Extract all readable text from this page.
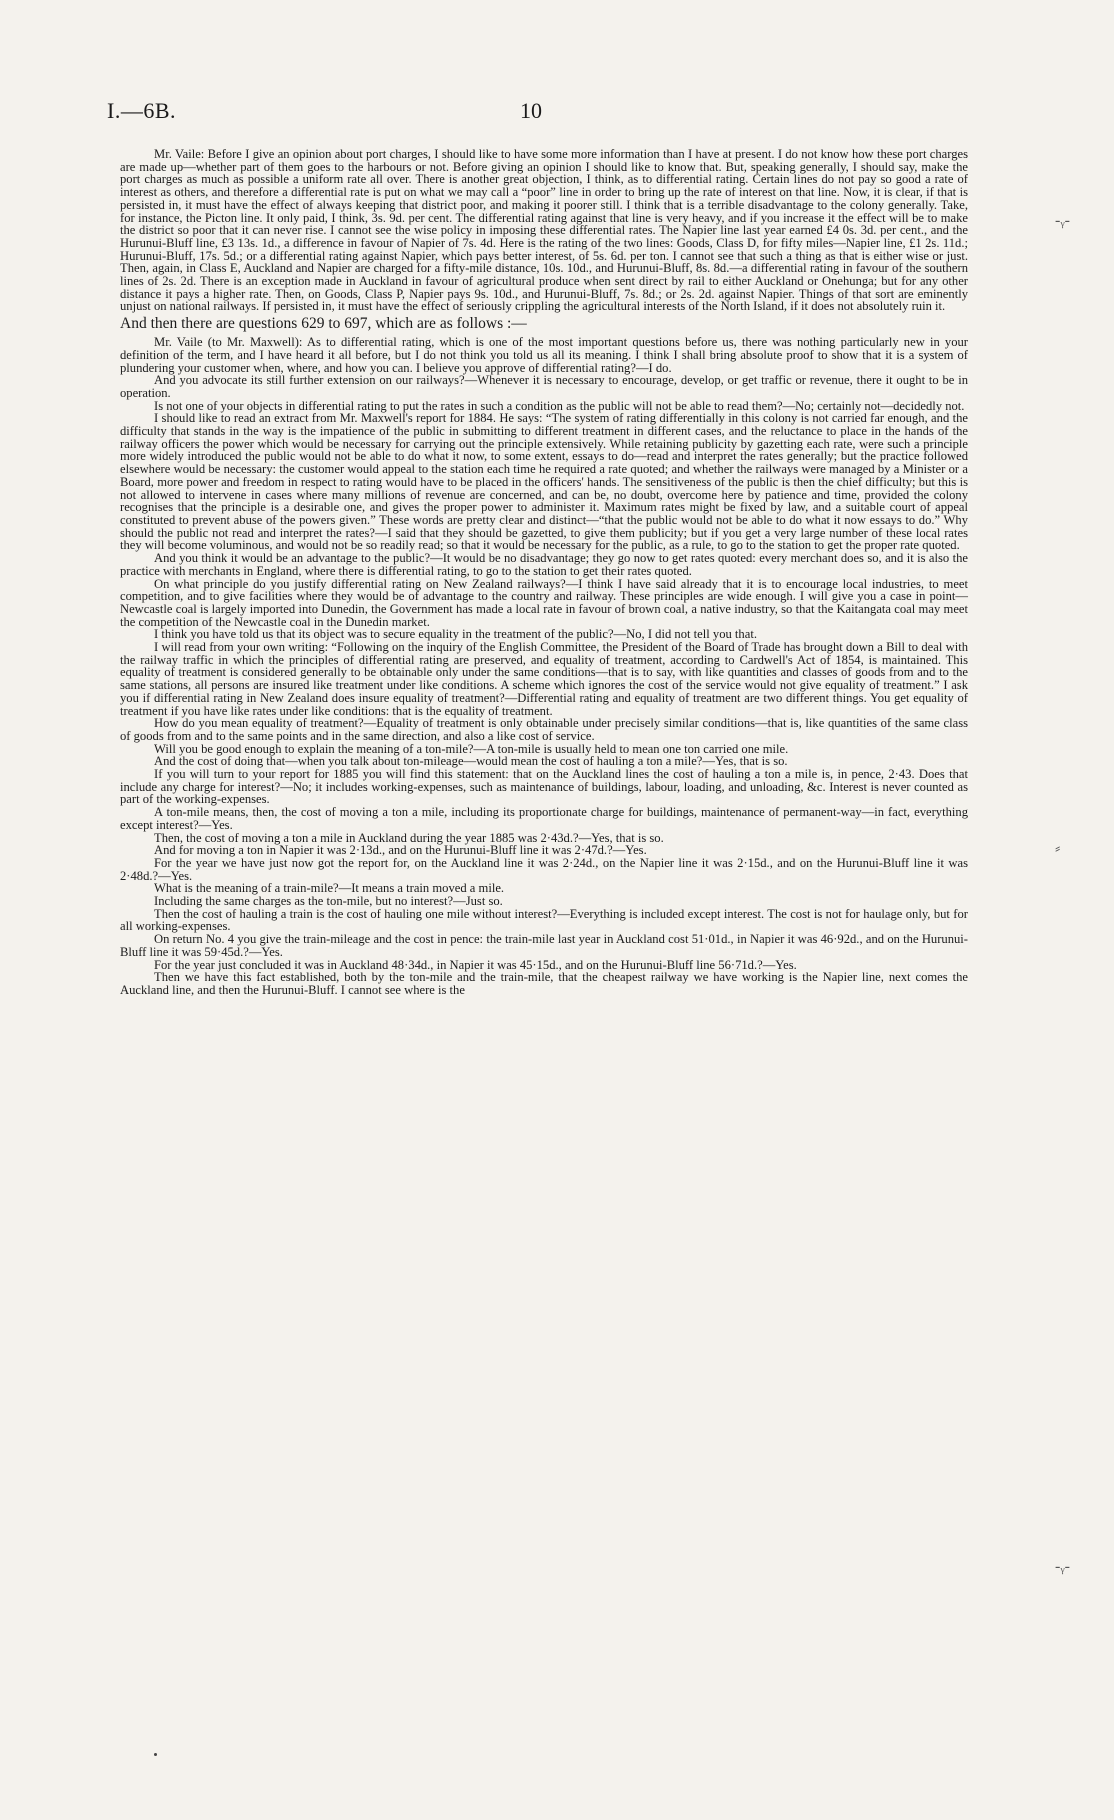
I.—6B.	10

Mr. Vaile: Before I give an opinion about port charges, I should like to have some more information than I have at present. I do not know how these port charges are made up—whether part of them goes to the harbours or not. Before giving an opinion I should like to know that. But, speaking generally, I should say, make the port charges as much as possible a uniform rate all over. There is another great objection, I think, as to differential rating. Certain lines do not pay so good a rate of interest as others, and therefore a differential rate is put on what we may call a “poor” line in order to bring up the rate of interest on that line. Now, it is clear, if that is persisted in, it must have the effect of always keeping that district poor, and making it poorer still. I think that is a terrible disadvantage to the colony generally. Take, for instance, the Picton line. It only paid, I think, 3s. 9d. per cent. The differential rating against that line is very heavy, and if you increase it the effect will be to make the district so poor that it can never rise. I cannot see the wise policy in imposing these differential rates. The Napier line last year earned £4 0s. 3d. per cent., and the Hurunui-Bluff line, £3 13s. 1d., a difference in favour of Napier of 7s. 4d. Here is the rating of the two lines: Goods, Class D, for fifty miles—Napier line, £1 2s. 11d.; Hurunui-Bluff, 17s. 5d.; or a differential rating against Napier, which pays better interest, of 5s. 6d. per ton. I cannot see that such a thing as that is either wise or just. Then, again, in Class E, Auckland and Napier are charged for a fifty-mile distance, 10s. 10d., and Hurunui-Bluff, 8s. 8d.—a differential rating in favour of the southern lines of 2s. 2d. There is an exception made in Auckland in favour of agricultural produce when sent direct by rail to either Auckland or Onehunga; but for any other distance it pays a higher rate. Then, on Goods, Class P, Napier pays 9s. 10d., and Hurunui-Bluff, 7s. 8d.; or 2s. 2d. against Napier. Things of that sort are eminently unjust on national railways. If persisted in, it must have the effect of seriously crippling the agricultural interests of the North Island, if it does not absolutely ruin it.

And then there are questions 629 to 697, which are as follows :—

Mr. Vaile (to Mr. Maxwell): As to differential rating, which is one of the most important questions before us, there was nothing particularly new in your definition of the term, and I have heard it all before, but I do not think you told us all its meaning. I think I shall bring absolute proof to show that it is a system of plundering your customer when, where, and how you can. I believe you approve of differential rating?—I do.

And you advocate its still further extension on our railways?—Whenever it is necessary to encourage, develop, or get traffic or revenue, there it ought to be in operation.

Is not one of your objects in differential rating to put the rates in such a condition as the public will not be able to read them?—No; certainly not—decidedly not.

I should like to read an extract from Mr. Maxwell's report for 1884. He says: “The system of rating differentially in this colony is not carried far enough, and the difficulty that stands in the way is the impatience of the public in submitting to different treatment in different cases, and the reluctance to place in the hands of the railway officers the power which would be necessary for carrying out the principle extensively. While retaining publicity by gazetting each rate, were such a principle more widely introduced the public would not be able to do what it now, to some extent, essays to do—read and interpret the rates generally; but the practice followed elsewhere would be necessary: the customer would appeal to the station each time he required a rate quoted; and whether the railways were managed by a Minister or a Board, more power and freedom in respect to rating would have to be placed in the officers' hands. The sensitiveness of the public is then the chief difficulty; but this is not allowed to intervene in cases where many millions of revenue are concerned, and can be, no doubt, overcome here by patience and time, provided the colony recognises that the principle is a desirable one, and gives the proper power to administer it. Maximum rates might be fixed by law, and a suitable court of appeal constituted to prevent abuse of the powers given.” These words are pretty clear and distinct—“that the public would not be able to do what it now essays to do.” Why should the public not read and interpret the rates?—I said that they should be gazetted, to give them publicity; but if you get a very large number of these local rates they will become voluminous, and would not be so readily read; so that it would be necessary for the public, as a rule, to go to the station to get the proper rate quoted.

And you think it would be an advantage to the public?—It would be no disadvantage; they go now to get rates quoted: every merchant does so, and it is also the practice with merchants in England, where there is differential rating, to go to the station to get their rates quoted.

On what principle do you justify differential rating on New Zealand railways?—I think I have said already that it is to encourage local industries, to meet competition, and to give facilities where they would be of advantage to the country and railway. These principles are wide enough. I will give you a case in point—Newcastle coal is largely imported into Dunedin, the Government has made a local rate in favour of brown coal, a native industry, so that the Kaitangata coal may meet the competition of the Newcastle coal in the Dunedin market.

I think you have told us that its object was to secure equality in the treatment of the public?—No, I did not tell you that.

I will read from your own writing: “Following on the inquiry of the English Committee, the President of the Board of Trade has brought down a Bill to deal with the railway traffic in which the principles of differential rating are preserved, and equality of treatment, according to Cardwell's Act of 1854, is maintained. This equality of treatment is considered generally to be obtainable only under the same conditions—that is to say, with like quantities and classes of goods from and to the same stations, all persons are insured like treatment under like conditions. A scheme which ignores the cost of the service would not give equality of treatment.” I ask you if differential rating in New Zealand does insure equality of treatment?—Differential rating and equality of treatment are two different things. You get equality of treatment if you have like rates under like conditions: that is the equality of treatment.

How do you mean equality of treatment?—Equality of treatment is only obtainable under precisely similar conditions—that is, like quantities of the same class of goods from and to the same points and in the same direction, and also a like cost of service.

Will you be good enough to explain the meaning of a ton-mile?—A ton-mile is usually held to mean one ton carried one mile.

And the cost of doing that—when you talk about ton-mileage—would mean the cost of hauling a ton a mile?—Yes, that is so.

If you will turn to your report for 1885 you will find this statement: that on the Auckland lines the cost of hauling a ton a mile is, in pence, 2·43. Does that include any charge for interest?—No; it includes working-expenses, such as maintenance of buildings, labour, loading, and unloading, &c. Interest is never counted as part of the working-expenses.

A ton-mile means, then, the cost of moving a ton a mile, including its proportionate charge for buildings, maintenance of permanent-way—in fact, everything except interest?—Yes.

Then, the cost of moving a ton a mile in Auckland during the year 1885 was 2·43d.?—Yes, that is so.

And for moving a ton in Napier it was 2·13d., and on the Hurunui-Bluff line it was 2·47d.?—Yes.

For the year we have just now got the report for, on the Auckland line it was 2·24d., on the Napier line it was 2·15d., and on the Hurunui-Bluff line it was 2·48d.?—Yes.

What is the meaning of a train-mile?—It means a train moved a mile.

Including the same charges as the ton-mile, but no interest?—Just so.

Then the cost of hauling a train is the cost of hauling one mile without interest?—Everything is included except interest. The cost is not for haulage only, but for all working-expenses.

On return No. 4 you give the train-mileage and the cost in pence: the train-mile last year in Auckland cost 51·01d., in Napier it was 46·92d., and on the Hurunui-Bluff line it was 59·45d.?—Yes.

For the year just concluded it was in Auckland 48·34d., in Napier it was 45·15d., and on the Hurunui-Bluff line 56·71d.?—Yes.

Then we have this fact established, both by the ton-mile and the train-mile, that the cheapest railway we have working is the Napier line, next comes the Auckland line, and then the Hurunui-Bluff. I cannot see where is the

-ᵧ-
⸗
-ᵧ-
